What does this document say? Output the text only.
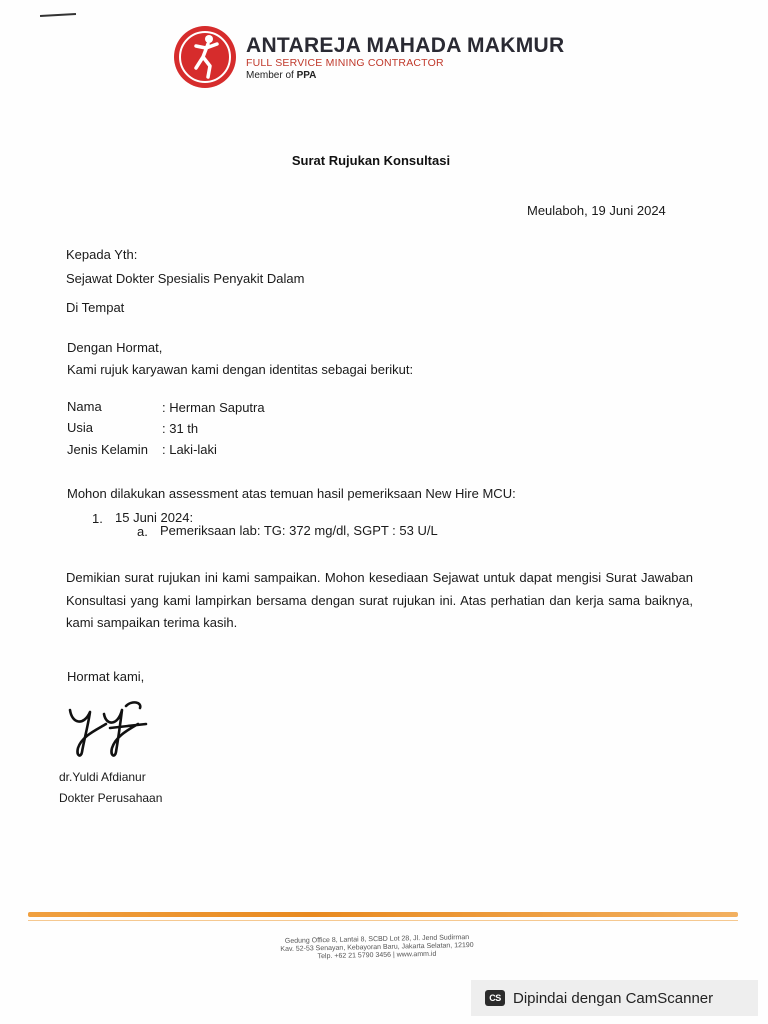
ANTAREJA MAHADA MAKMUR
FULL SERVICE MINING CONTRACTOR
Member of PPA
Surat Rujukan Konsultasi
Meulaboh, 19 Juni 2024
Kepada Yth:
Sejawat Dokter Spesialis Penyakit Dalam
Di Tempat
Dengan Hormat,
Kami rujuk karyawan kami dengan identitas sebagai berikut:
Nama	: Herman Saputra
Usia	: 31 th
Jenis Kelamin : Laki-laki
Mohon dilakukan assessment atas temuan hasil pemeriksaan New Hire MCU:
1. 15 Juni 2024:
a. Pemeriksaan lab: TG: 372 mg/dl, SGPT : 53 U/L
Demikian surat rujukan ini kami sampaikan. Mohon kesediaan Sejawat untuk dapat mengisi Surat Jawaban Konsultasi yang kami lampirkan bersama dengan surat rujukan ini. Atas perhatian dan kerja sama baiknya, kami sampaikan terima kasih.
Hormat kami,
dr.Yuldi Afdianur
Dokter Perusahaan
Gedung Office 8, Lantai 8, SCBD Lot 28, Jl. Jend Sudirman
Kav. 52-53 Senayan, Kebayoran Baru, Jakarta Selatan, 12190
Telp. +62 21 5790 3456 | www.amm.id
CS Dipindai dengan CamScanner
